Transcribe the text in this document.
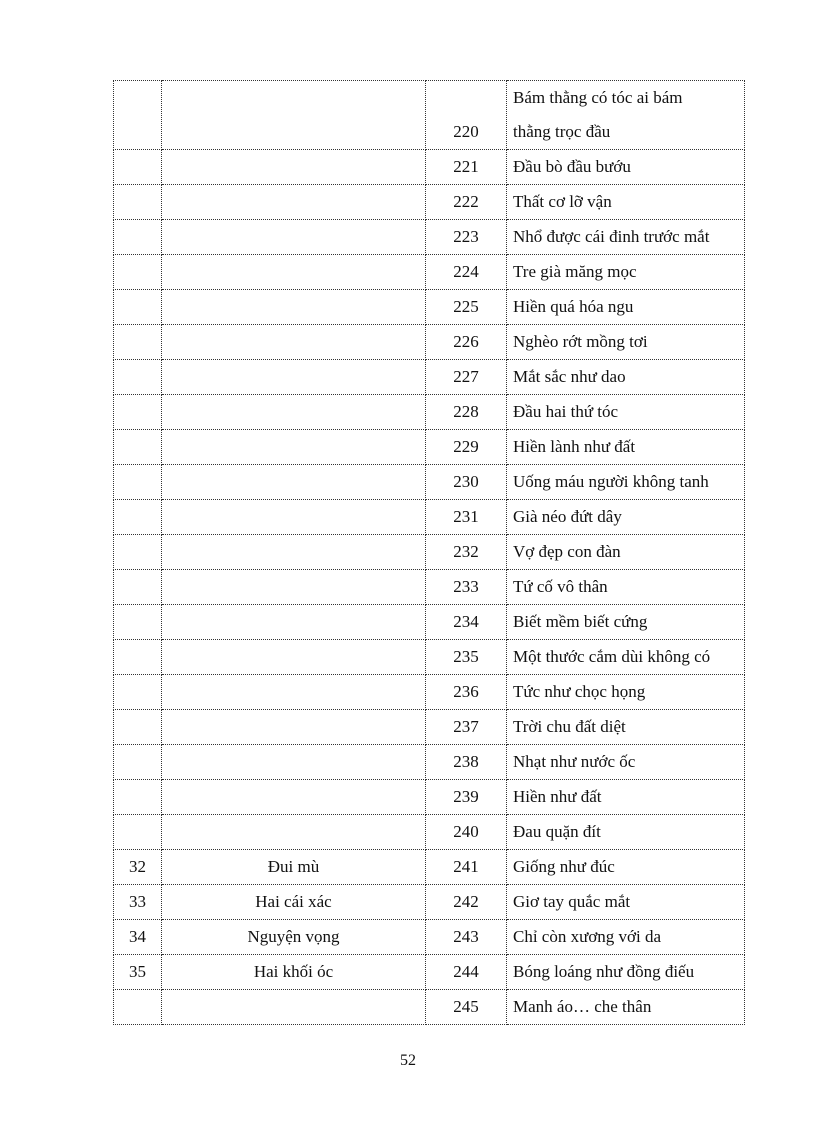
		220	Bám thằng có tóc ai bám
thằng trọc đầu

		221	Đầu bò đầu bướu
		222	Thất cơ lỡ vận
		223	Nhổ được cái đinh trước mắt
		224	Tre già măng mọc
		225	Hiền quá hóa ngu
		226	Nghèo rớt mồng tơi
		227	Mắt sắc như dao
		228	Đầu hai thứ tóc
		229	Hiền lành như đất
		230	Uống máu người không tanh
		231	Già néo đứt dây
		232	Vợ đẹp con đàn
		233	Tứ cố vô thân
		234	Biết mềm biết cứng
		235	Một thước cắm dùi không có
		236	Tức như chọc họng
		237	Trời chu đất diệt
		238	Nhạt như nước ốc
		239	Hiền như đất
		240	Đau quặn đít
32	Đui mù	241	Giống như đúc
33	Hai cái xác	242	Giơ tay quắc mắt
34	Nguyện vọng	243	Chỉ còn xương với da
35	Hai khối óc	244	Bóng loáng như đồng điếu
		245	Manh áo… che thân
52
